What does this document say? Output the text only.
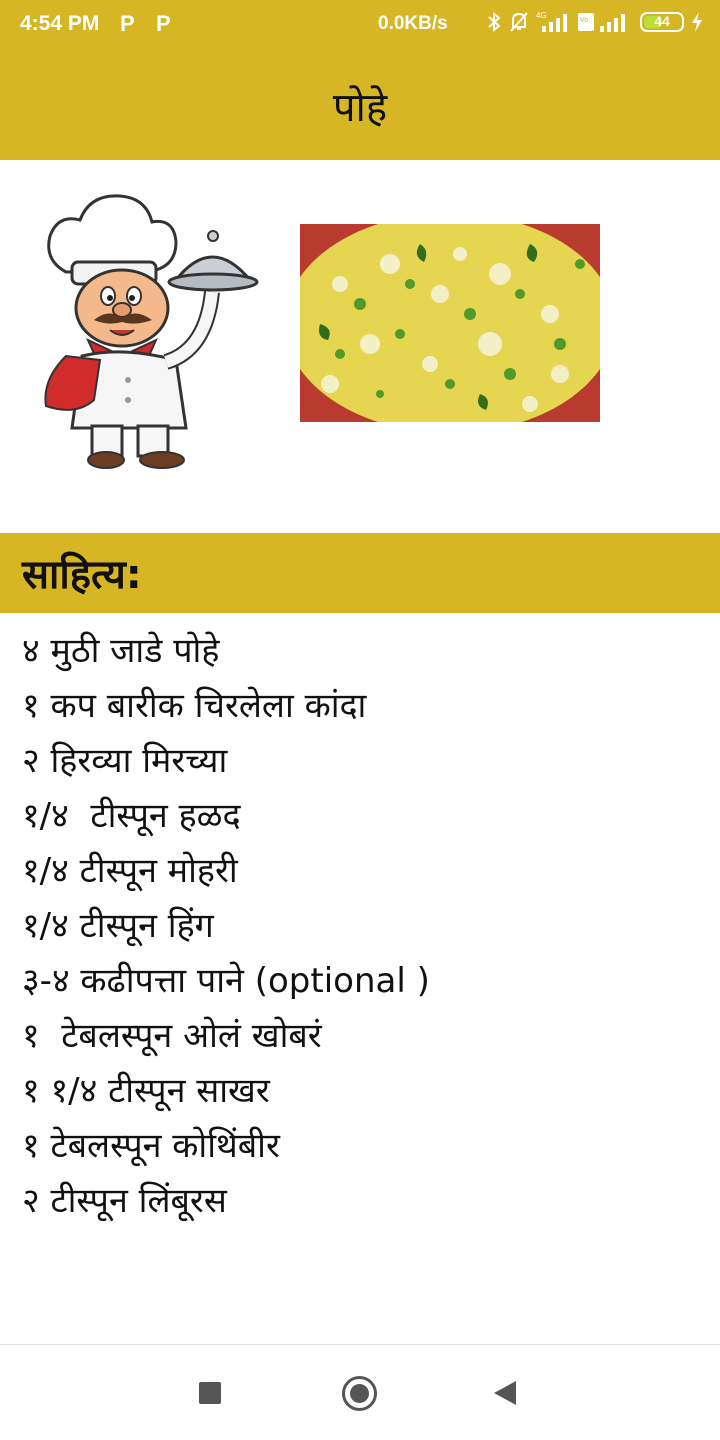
4:54 PM P P	0.0KB/s	4G
Vo	44
पोहे
साहित्य:
४ मुठी जाडे पोहे
१ कप बारीक चिरलेला कांदा
२ हिरव्या मिरच्या
१/४  टीस्पून हळद
१/४ टीस्पून मोहरी
१/४ टीस्पून हिंग
३-४ कढीपत्ता पाने (optional )
१  टेबलस्पून ओलं खोबरं
१ १/४ टीस्पून साखर
१ टेबलस्पून कोथिंबीर
२ टीस्पून लिंबूरस
